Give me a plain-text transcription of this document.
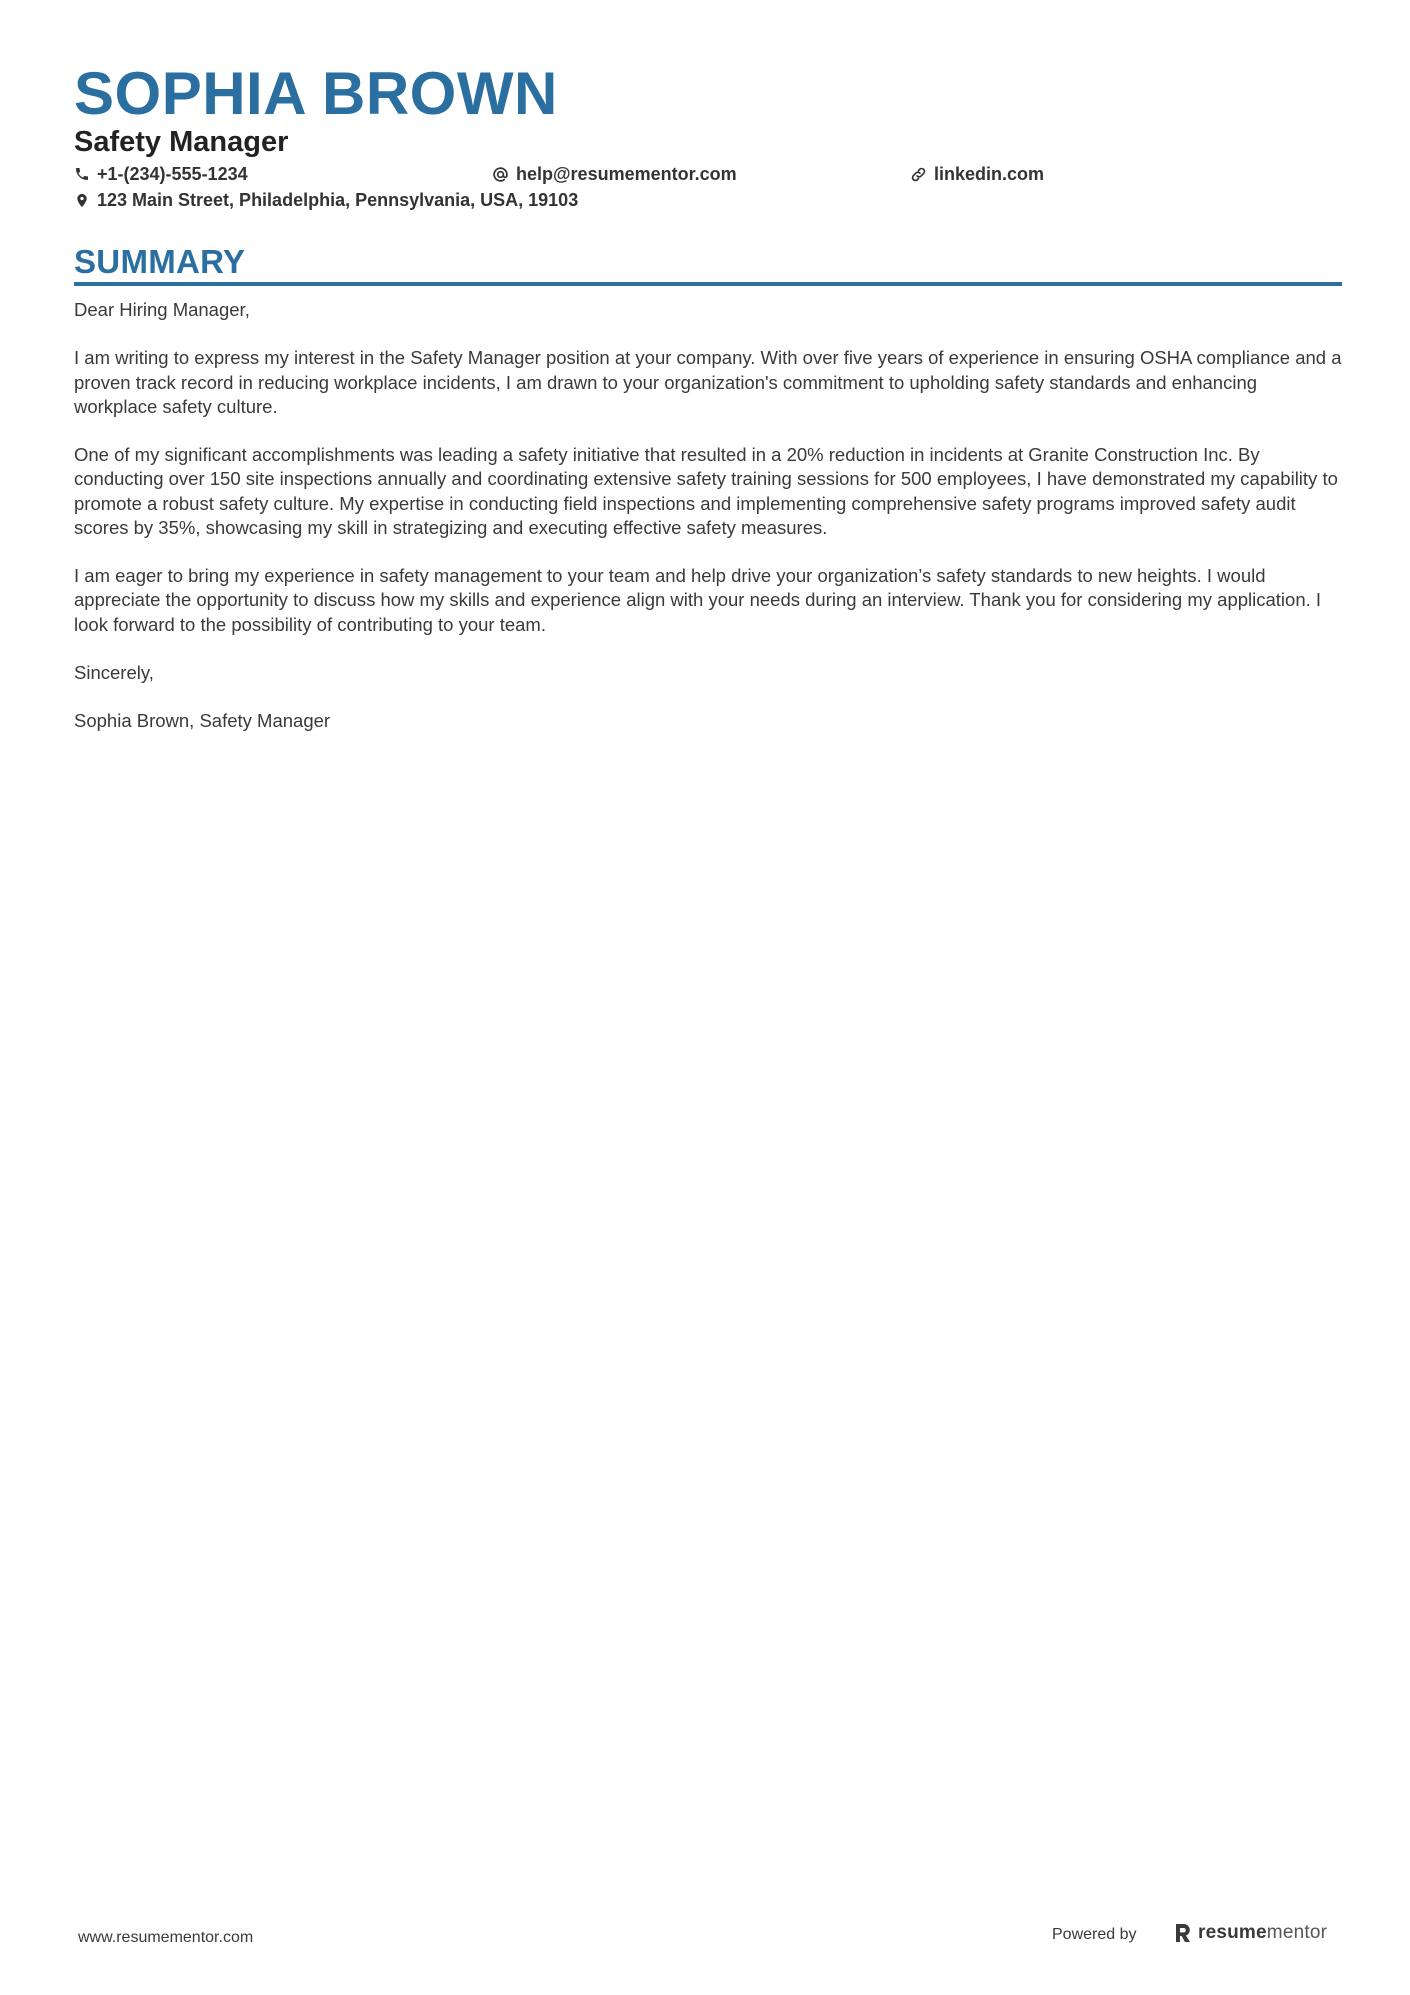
SOPHIA BROWN
Safety Manager
+1-(234)-555-1234	help@resumementor.com	linkedin.com
123 Main Street, Philadelphia, Pennsylvania, USA, 19103
SUMMARY

Dear Hiring Manager,

I am writing to express my interest in the Safety Manager position at your company. With over five years of experience in ensuring OSHA compliance and a proven track record in reducing workplace incidents, I am drawn to your organization's commitment to upholding safety standards and enhancing workplace safety culture.

One of my significant accomplishments was leading a safety initiative that resulted in a 20% reduction in incidents at Granite Construction Inc. By conducting over 150 site inspections annually and coordinating extensive safety training sessions for 500 employees, I have demonstrated my capability to promote a robust safety culture. My expertise in conducting field inspections and implementing comprehensive safety programs improved safety audit scores by 35%, showcasing my skill in strategizing and executing effective safety measures.

I am eager to bring my experience in safety management to your team and help drive your organization’s safety standards to new heights. I would appreciate the opportunity to discuss how my skills and experience align with your needs during an interview. Thank you for considering my application. I look forward to the possibility of contributing to your team.

Sincerely,

Sophia Brown, Safety Manager

www.resumementor.com	Powered by	resumementor
